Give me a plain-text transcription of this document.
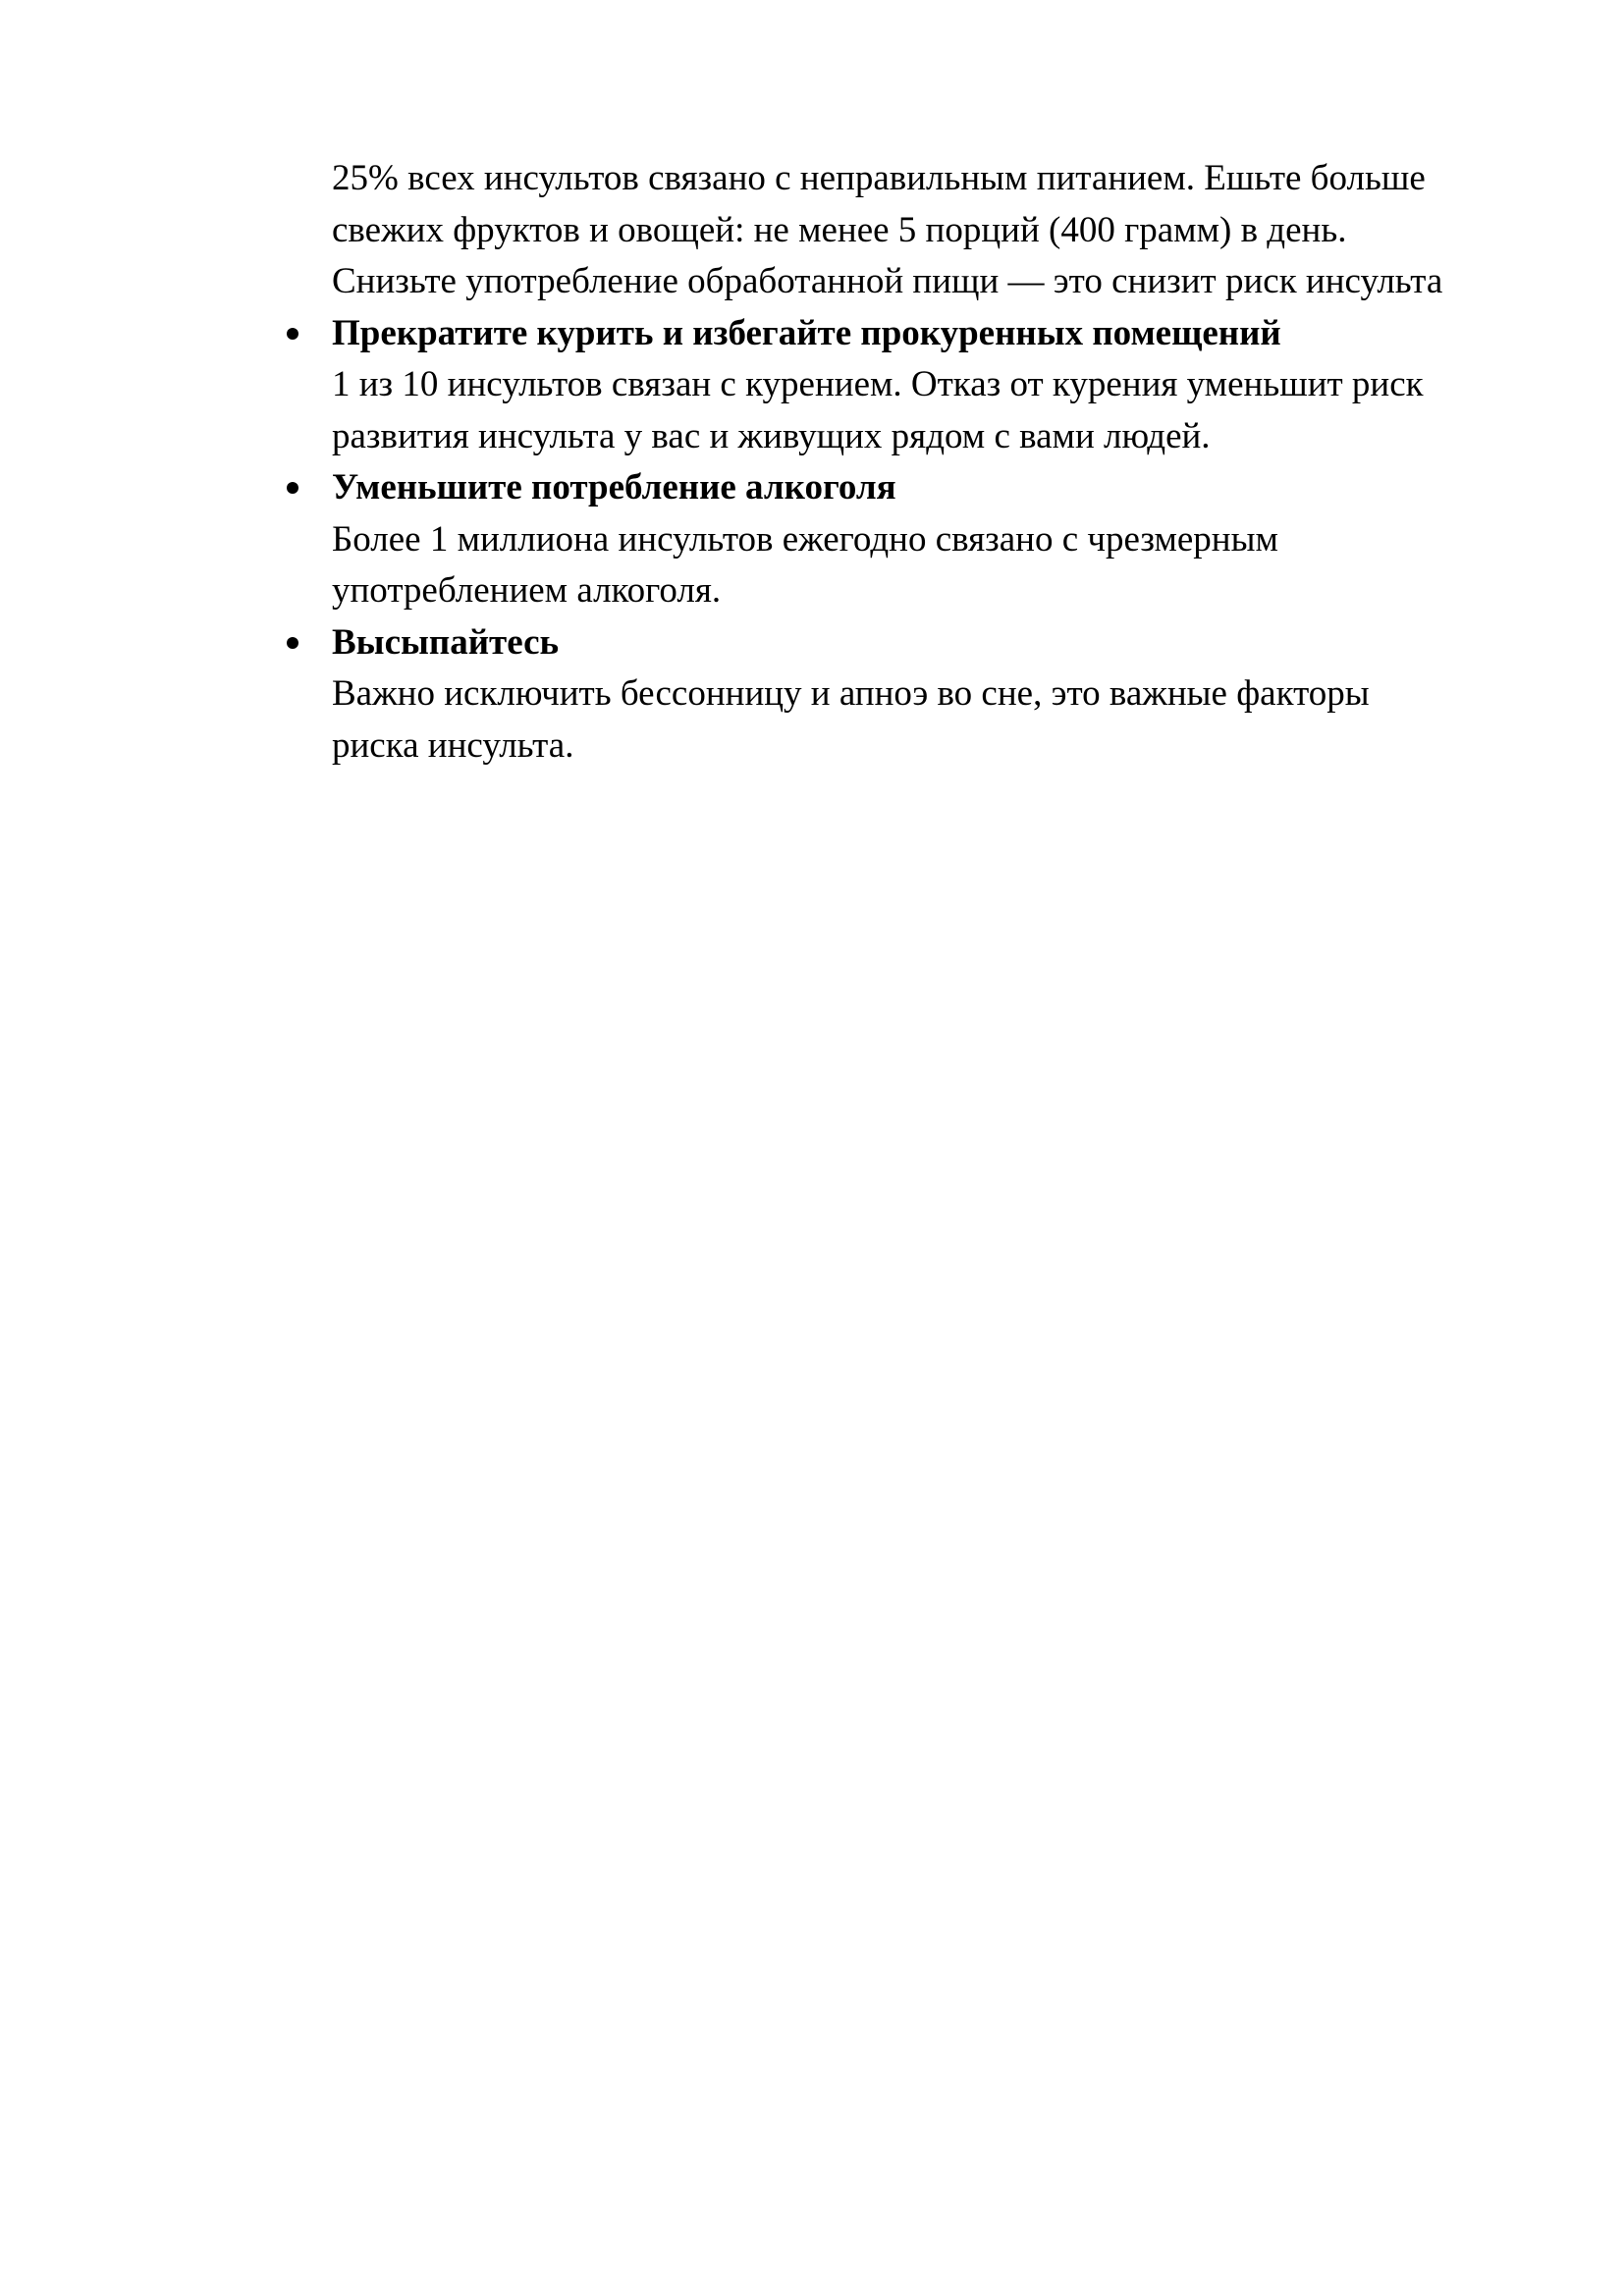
25% всех инсультов связано с неправильным питанием. Ешьте больше
свежих фруктов и овощей: не менее 5 порций (400 грамм) в день.
Снизьте употребление обработанной пищи — это снизит риск инсульта
Прекратите курить и избегайте прокуренных помещений
1 из 10 инсультов связан с курением. Отказ от курения уменьшит риск
развития инсульта у вас и живущих рядом с вами людей.
Уменьшите потребление алкоголя
Более 1 миллиона инсультов ежегодно связано с чрезмерным
употреблением алкоголя.
Высыпайтесь
Важно исключить бессонницу и апноэ во сне, это важные факторы
риска инсульта.
